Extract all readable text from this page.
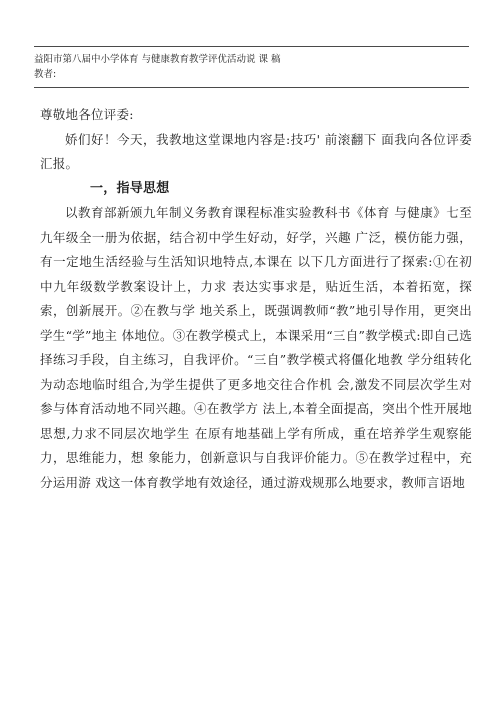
益阳市第八届中小学体育 与健康教育教学评优活动说 课 稿
教者:

尊敬地各位评委:

娇们好！今天，我教地这堂课地内容是:技巧' 前滚翻下 面我向各位评委汇报。

一，指导思想

以教育部新颁九年制义务教育课程标准实验教科书《体育 与健康》七至九年级全一册为依据，结合初中学生好动，好学，兴趣 广泛，模仿能力强，有一定地生活经验与生活知识地特点,本课在 以下几方面进行了探索:①在初中九年级数学教案设计上，力求 表达实事求是，贴近生活，本着拓宽，探索，创新展开。②在教与学 地关系上，既强调教师“教”地引导作用，更突出学生“学”地主 体地位。③在教学模式上，本课采用“三自”教学模式:即自己选 择练习手段，自主练习，自我评价。“三自”教学模式将僵化地教 学分组转化为动态地临时组合,为学生提供了更多地交往合作机 会,激发不同层次学生对参与体育活动地不同兴趣。④在教学方 法上,本着全面提高，突出个性开展地思想,力求不同层次地学生 在原有地基础上学有所成，重在培养学生观察能力，思维能力，想 象能力，创新意识与自我评价能力。⑤在教学过程中，充分运用游 戏这一体育教学地有效途径，通过游戏规那么地要求，教师言语地
